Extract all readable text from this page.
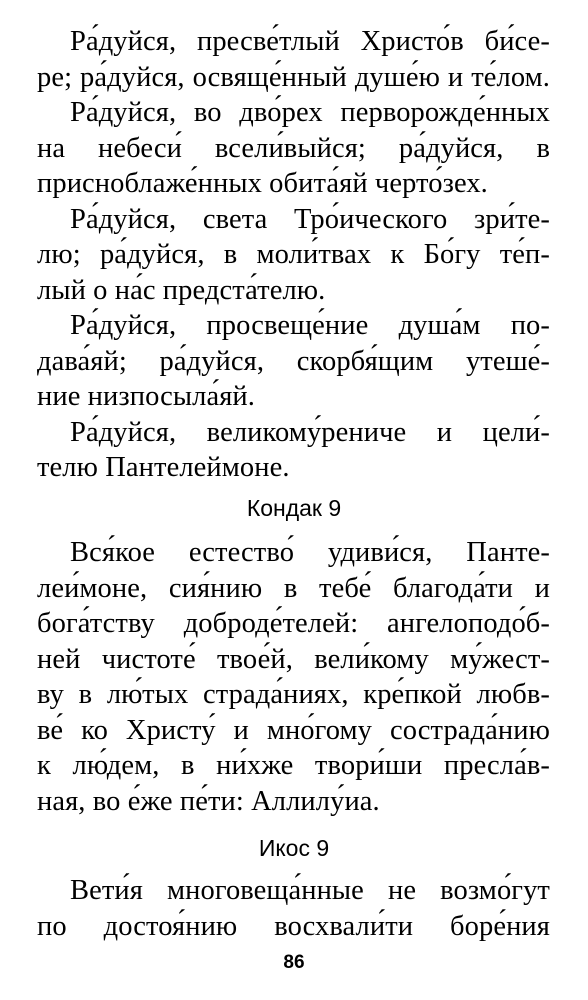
Ра́дуйся, пресве́тлый Христо́в би́се-
ре; ра́дуйся, освяще́нный душе́ю и те́лом.
Ра́дуйся, во дво́рех перворожде́нных
на небеси́ всели́выйся; ра́дуйся, в
присноблаже́нных обита́яй черто́зех.
Ра́дуйся, света Тро́ического зри́те-
лю; ра́дуйся, в моли́твах к Бо́гу те́п-
лый о на́с предста́телю.
Ра́дуйся, просвеще́ние душа́м по-
дава́яй; ра́дуйся, скорбя́щим утеше́-
ние низпосыла́яй.
Ра́дуйся, великому́рениче и цели́-
телю Пантелеймоне.
Кондак 9
Вся́кое естество́ удиви́ся, Панте-
леи́моне, сия́нию в тебе́ благода́ти и
бога́тству доброде́телей: ангелоподо́б-
ней чистоте́ твое́й, вели́кому му́жест-
ву в лю́тых страда́ниях, кре́пкой любв-
ве́ ко Христу́ и мно́гому сострада́нию
к лю́дем, в ни́хже твори́ши пресла́в-
ная, во е́же пе́ти: Аллилу́иа.
Икос 9
Вети́я многовеща́нные не возмо́гут
по достоя́нию восхвали́ти боре́ния
86
